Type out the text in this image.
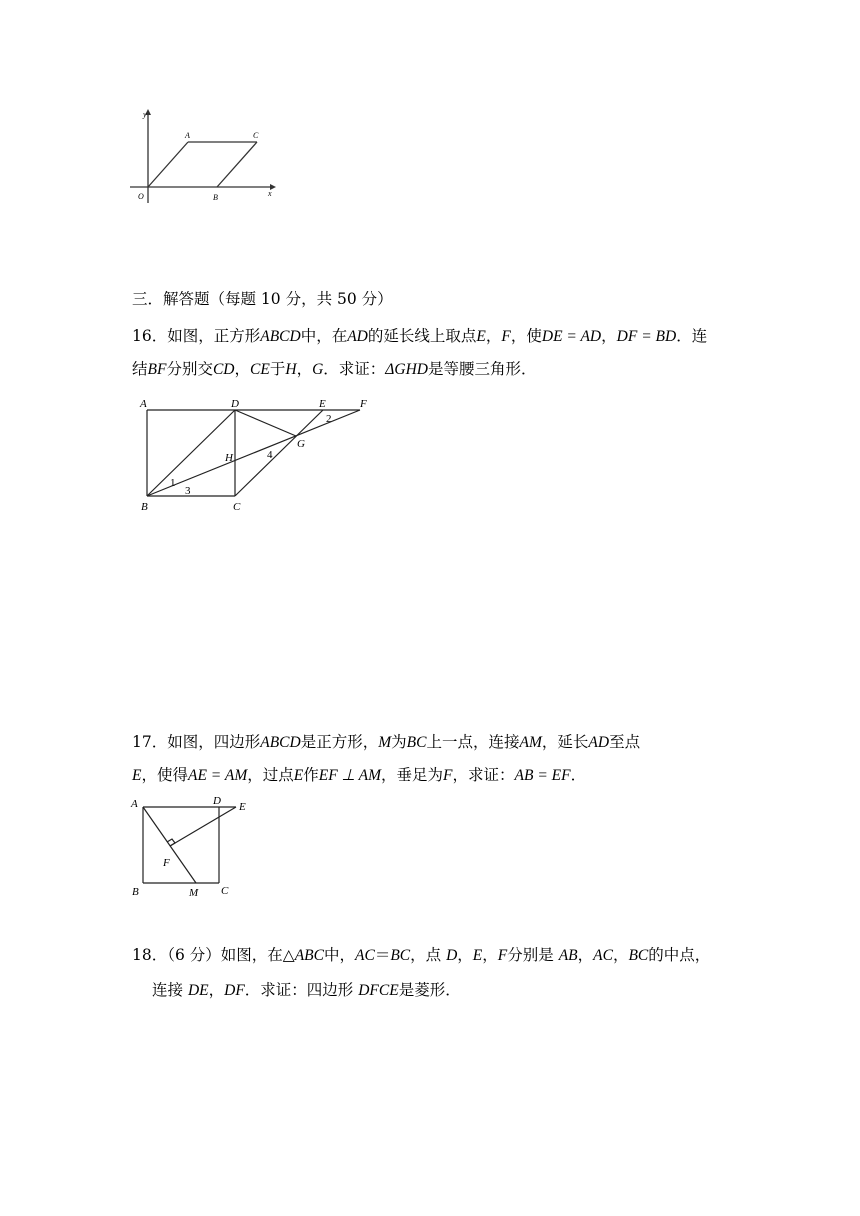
y
A	C
O	B	x
三．解答题（每题 10 分，共 50 分）
16．如图，正方形ABCD中，在AD的延长线上取点E，F，使DE = AD，DF = BD．连
结BF分别交CD，CE于H，G．求证：ΔGHD是等腰三角形．
A	D	E	F
2
G
H	4
1
3
B	C
17．如图，四边形ABCD是正方形，M为BC上一点，连接AM，延长AD至点
E，使得AE = AM，过点E作EF ⊥ AM，垂足为F，求证：AB = EF．
A	D E
F
B	M C
18．（6 分）如图，在△ABC中，AC＝BC，点 D，E，F分别是 AB，AC，BC的中点，
连接 DE，DF．求证：四边形 DFCE是菱形．
